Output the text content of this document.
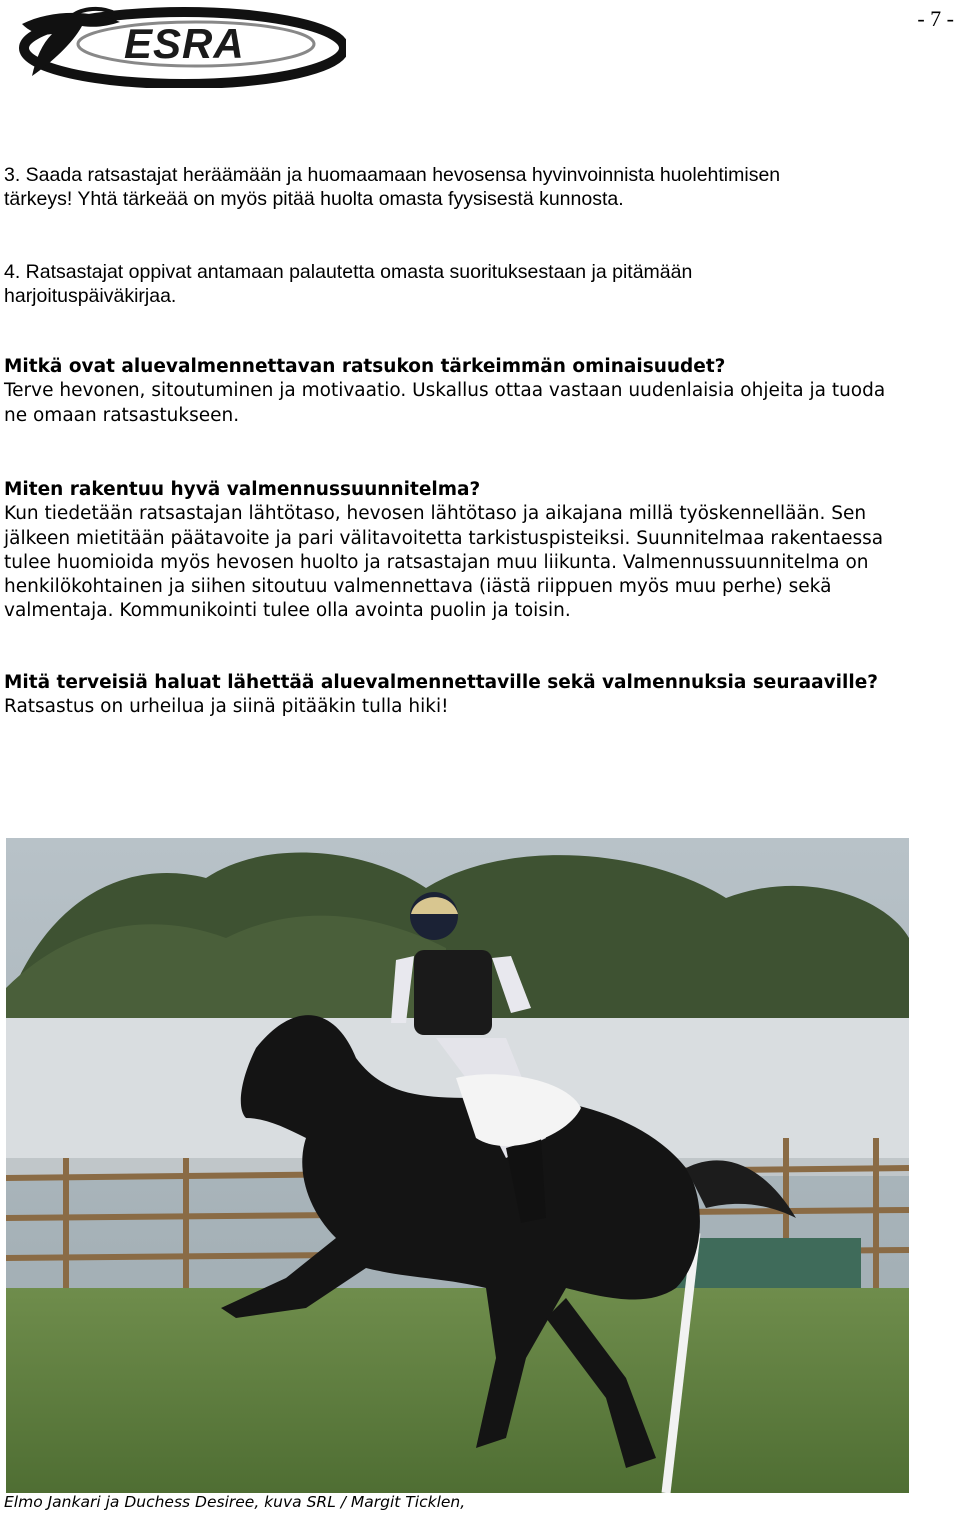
- 7 -
ESRA
3. Saada ratsastajat heräämään ja huomaamaan hevosensa hyvinvoinnista huolehtimisen
tärkeys! Yhtä tärkeää on myös pitää huolta omasta fyysisestä kunnosta.
4. Ratsastajat oppivat antamaan palautetta omasta suorituksestaan ja pitämään
harjoituspäiväkirjaa.
Mitkä ovat aluevalmennettavan ratsukon tärkeimmän ominaisuudet?
Terve hevonen, sitoutuminen ja motivaatio. Uskallus ottaa vastaan uudenlaisia ohjeita ja tuoda
ne omaan ratsastukseen.
Miten rakentuu hyvä valmennussuunnitelma?
Kun tiedetään ratsastajan lähtötaso, hevosen lähtötaso ja aikajana millä työskennellään. Sen
jälkeen mietitään päätavoite ja pari välitavoitetta tarkistuspisteiksi. Suunnitelmaa rakentaessa
tulee huomioida myös hevosen huolto ja ratsastajan muu liikunta. Valmennussuunnitelma on
henkilökohtainen ja siihen sitoutuu valmennettava (iästä riippuen myös muu perhe) sekä
valmentaja. Kommunikointi tulee olla avointa puolin ja toisin.
Mitä terveisiä haluat lähettää aluevalmennettaville sekä valmennuksia seuraaville?
Ratsastus on urheilua ja siinä pitääkin tulla hiki!
Elmo Jankari ja Duchess Desiree, kuva SRL / Margit Ticklen,
